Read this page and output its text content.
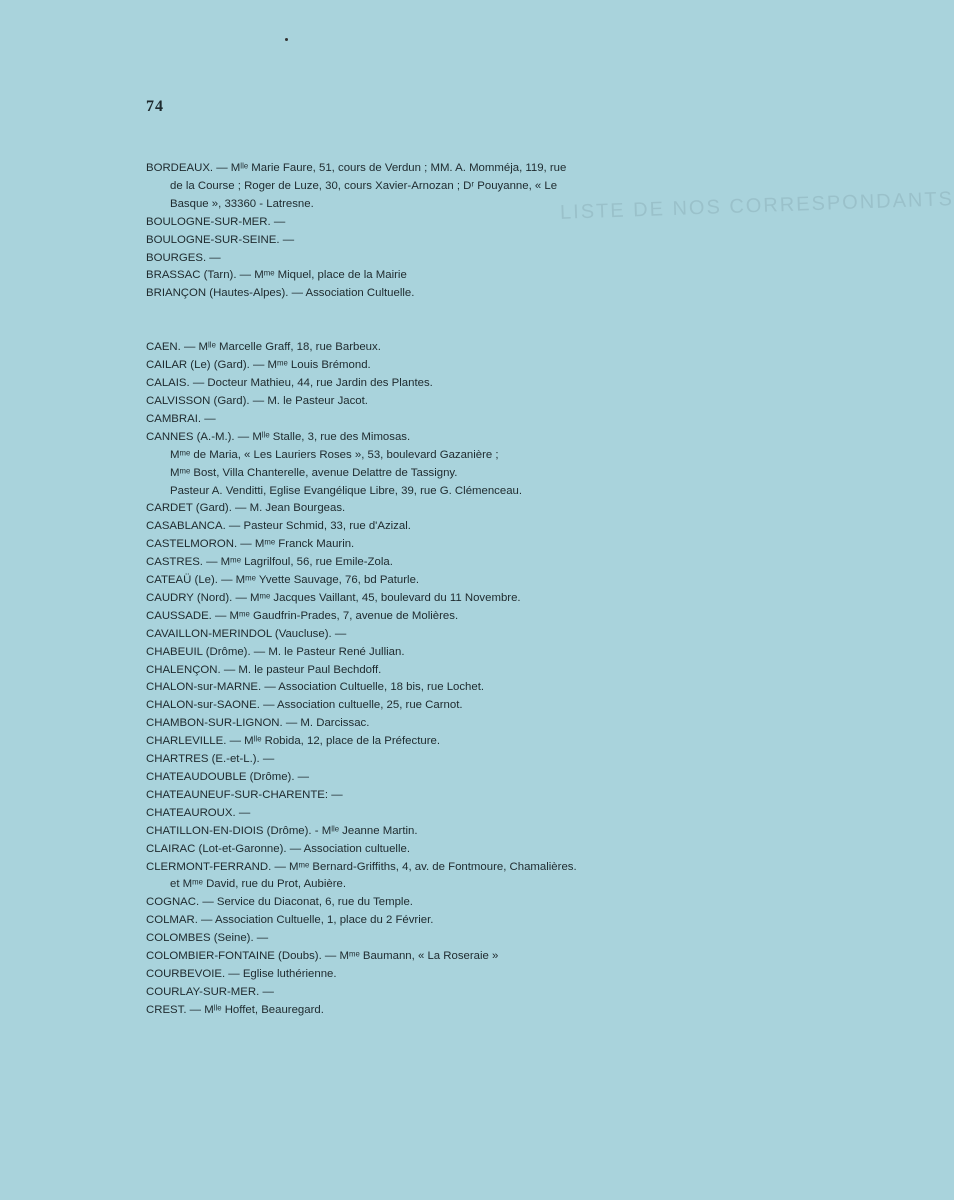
74
LISTE DE NOS CORRESPONDANTS
BORDEAUX. — Mˡˡᵉ Marie Faure, 51, cours de Verdun ; MM. A. Momméja, 119, rue
de la Course ; Roger de Luze, 30, cours Xavier-Arnozan ; Dʳ Pouyanne, « Le
Basque », 33360 - Latresne.
BOULOGNE-SUR-MER. —
BOULOGNE-SUR-SEINE. —
BOURGES. —
BRASSAC (Tarn). — Mᵐᵉ Miquel, place de la Mairie
BRIANÇON (Hautes-Alpes). — Association Cultuelle.
CAEN. — Mˡˡᵉ Marcelle Graff, 18, rue Barbeux.
CAILAR (Le) (Gard). — Mᵐᵉ Louis Brémond.
CALAIS. — Docteur Mathieu, 44, rue Jardin des Plantes.
CALVISSON (Gard). — M. le Pasteur Jacot.
CAMBRAI. —
CANNES (A.-M.). — Mˡˡᵉ Stalle, 3, rue des Mimosas.
Mᵐᵉ de Maria, « Les Lauriers Roses », 53, boulevard Gazanière ;
Mᵐᵉ Bost, Villa Chanterelle, avenue Delattre de Tassigny.
Pasteur A. Venditti, Eglise Evangélique Libre, 39, rue G. Clémenceau.
CARDET (Gard). — M. Jean Bourgeas.
CASABLANCA. — Pasteur Schmid, 33, rue d'Azizal.
CASTELMORON. — Mᵐᵉ Franck Maurin.
CASTRES. — Mᵐᵉ Lagrilfoul, 56, rue Emile-Zola.
CATEAÜ (Le). — Mᵐᵉ Yvette Sauvage, 76, bd Paturle.
CAUDRY (Nord). — Mᵐᵉ Jacques Vaillant, 45, boulevard du 11 Novembre.
CAUSSADE. — Mᵐᵉ Gaudfrin-Prades, 7, avenue de Molières.
CAVAILLON-MERINDOL (Vaucluse). —
CHABEUIL (Drôme). — M. le Pasteur René Jullian.
CHALENÇON. — M. le pasteur Paul Bechdoff.
CHALON-sur-MARNE. — Association Cultuelle, 18 bis, rue Lochet.
CHALON-sur-SAONE. — Association cultuelle, 25, rue Carnot.
CHAMBON-SUR-LIGNON. — M. Darcissac.
CHARLEVILLE. — Mˡˡᵉ Robida, 12, place de la Préfecture.
CHARTRES (E.-et-L.). —
CHATEAUDOUBLE (Drôme). —
CHATEAUNEUF-SUR-CHARENTE: —
CHATEAUROUX. —
CHATILLON-EN-DIOIS (Drôme). - Mˡˡᵉ Jeanne Martin.
CLAIRAC (Lot-et-Garonne). — Association cultuelle.
CLERMONT-FERRAND. — Mᵐᵉ Bernard-Griffiths, 4, av. de Fontmoure, Chamalières.
et Mᵐᵉ David, rue du Prot, Aubière.
COGNAC. — Service du Diaconat, 6, rue du Temple.
COLMAR. — Association Cultuelle, 1, place du 2 Février.
COLOMBES (Seine). —
COLOMBIER-FONTAINE (Doubs). — Mᵐᵉ Baumann, « La Roseraie »
COURBEVOIE. — Eglise luthérienne.
COURLAY-SUR-MER. —
CREST. — Mˡˡᵉ Hoffet, Beauregard.
